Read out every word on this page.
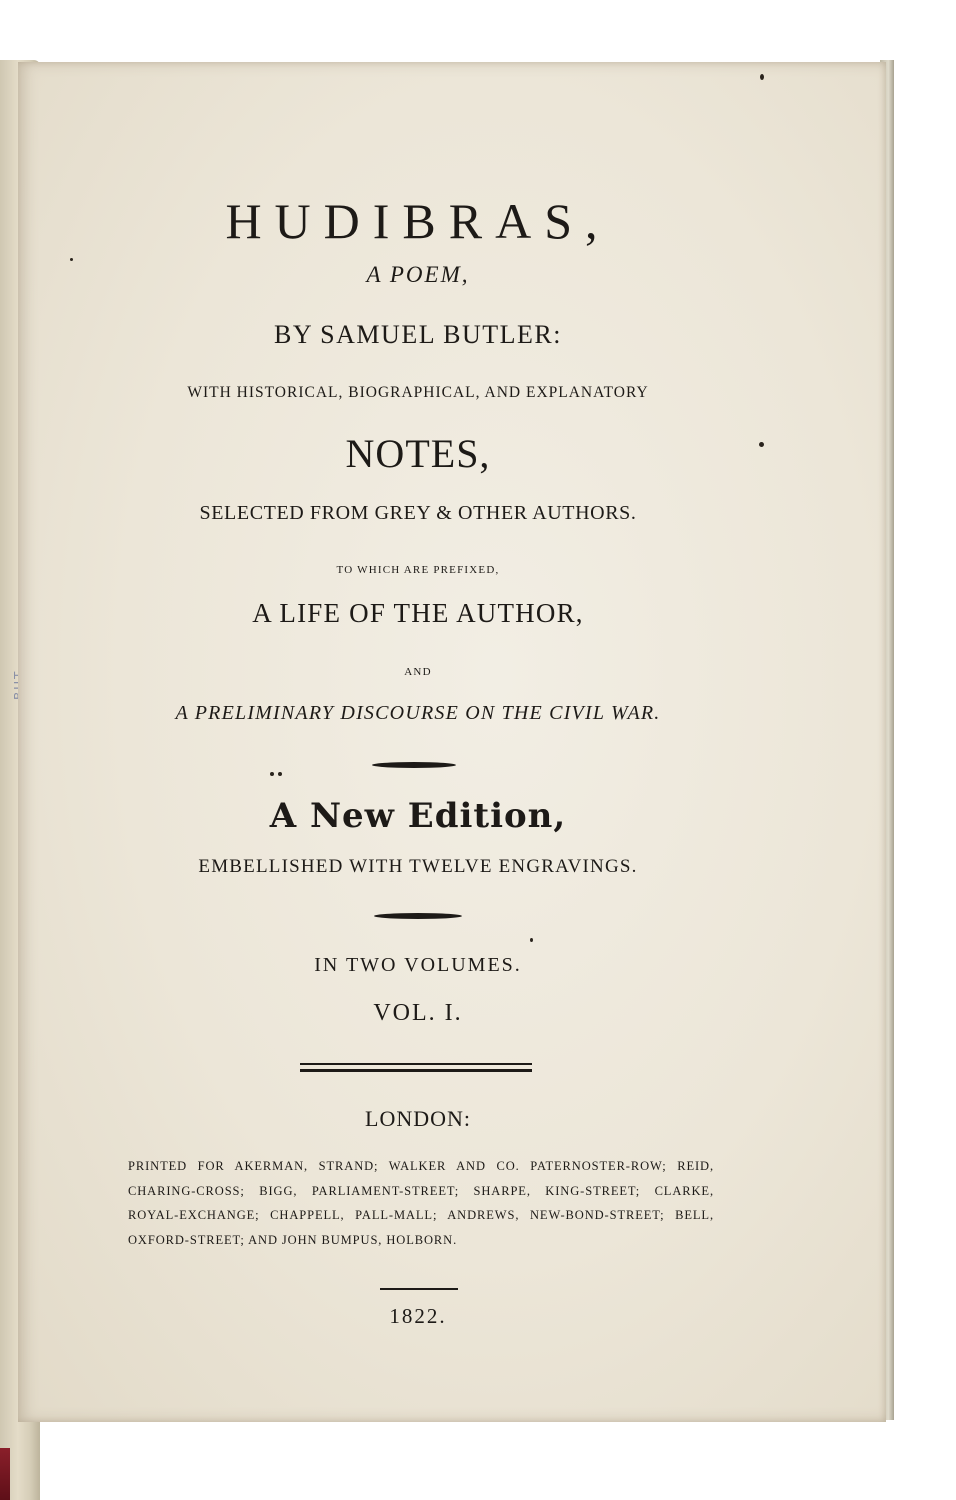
HUDIBRAS,
A POEM,
BY SAMUEL BUTLER:
WITH HISTORICAL, BIOGRAPHICAL, AND EXPLANATORY
NOTES,
SELECTED FROM GREY & OTHER AUTHORS.
TO WHICH ARE PREFIXED,
A LIFE OF THE AUTHOR,
AND
A PRELIMINARY DISCOURSE ON THE CIVIL WAR.
A New Edition,
EMBELLISHED WITH TWELVE ENGRAVINGS.
IN TWO VOLUMES.
VOL. I.
LONDON:
PRINTED FOR AKERMAN, STRAND; WALKER AND CO. PATERNOSTER-ROW; REID, CHARING-CROSS; BIGG, PARLIAMENT-STREET; SHARPE, KING-STREET; CLARKE, ROYAL-EXCHANGE; CHAPPELL, PALL-MALL; ANDREWS, NEW-BOND-STREET; BELL, OXFORD-STREET; AND JOHN BUMPUS, HOLBORN.
1822.
